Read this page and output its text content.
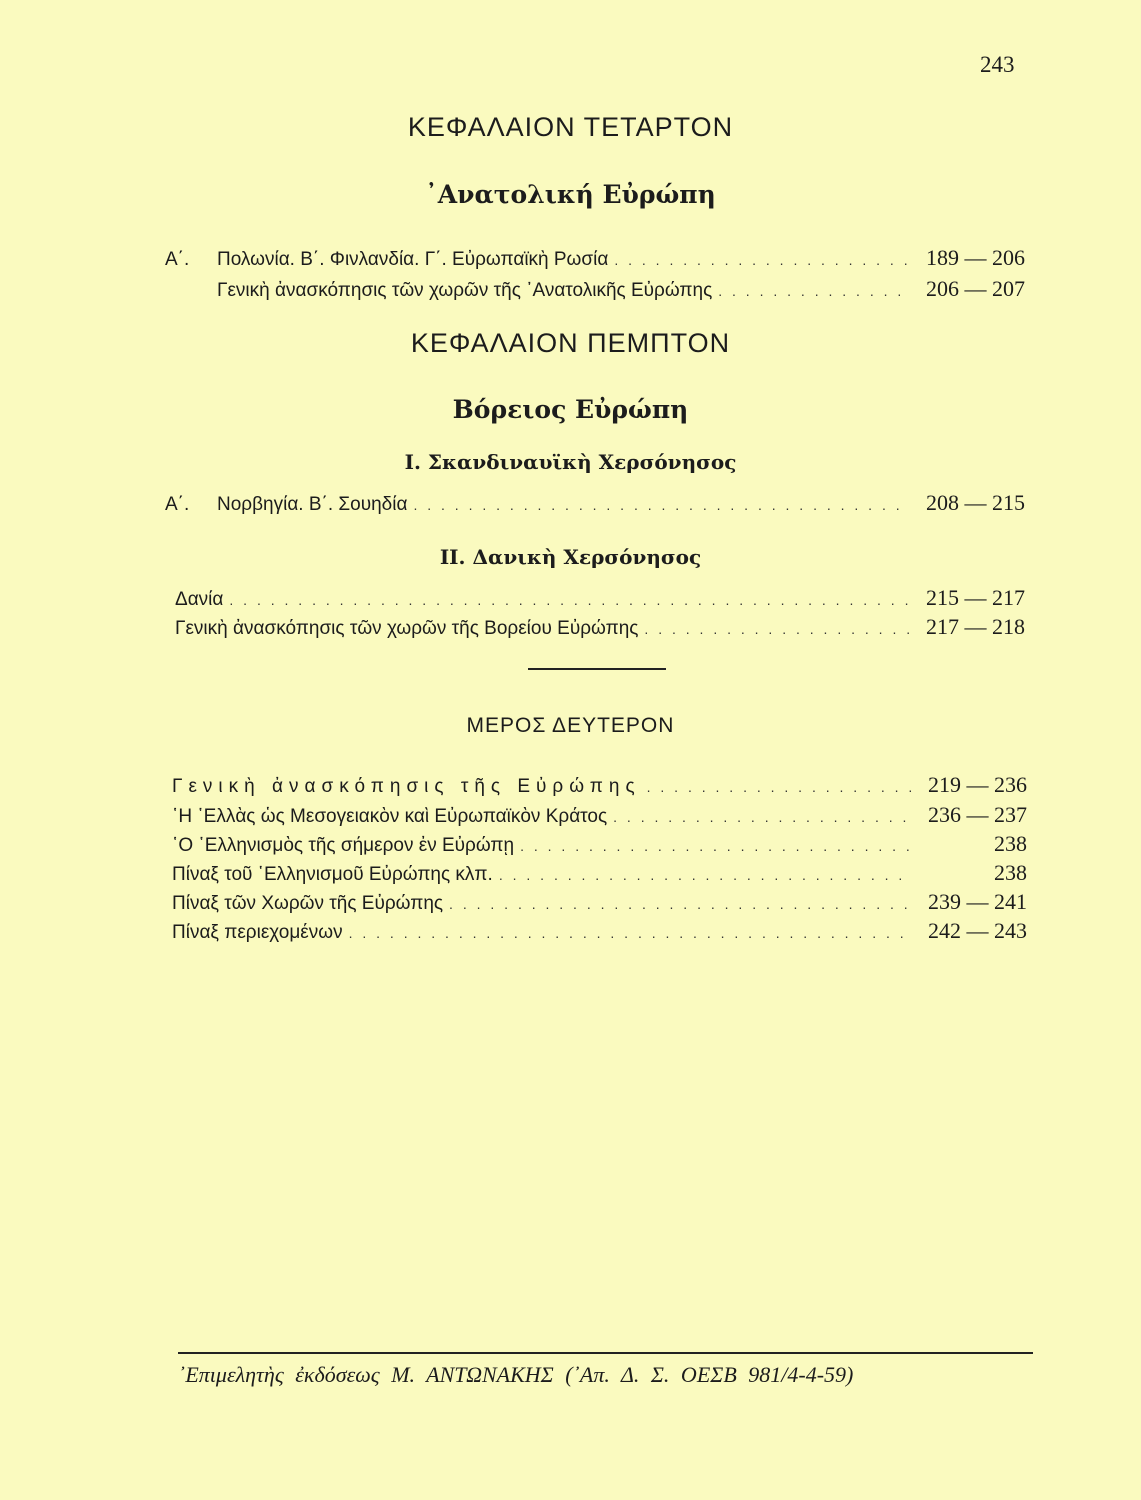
243
ΚΕΦΑΛΑΙΟΝ ΤΕΤΑΡΤΟΝ
᾿Ανατολική Εὐρώπη
Α΄.	Πολωνία. Β΄. Φινλανδία. Γ΄. Εὐρωπαϊκὴ Ρωσία . . .	189 — 206
Γενικὴ ἀνασκόπησις τῶν χωρῶν τῆς ᾿Ανατολικῆς Εὐρώπης . . .	206 — 207
ΚΕΦΑΛΑΙΟΝ ΠΕΜΠΤΟΝ
Βόρειος Εὐρώπη
Ι. Σκανδιναυϊκὴ Χερσόνησος
Α΄.	Νορβηγία. Β΄. Σουηδία . . .	208 — 215
ΙΙ. Δανικὴ Χερσόνησος
Δανία . . .	215 — 217
Γενικὴ ἀνασκόπησις τῶν χωρῶν τῆς Βορείου Εὐρώπης . . .	217 — 218
ΜΕΡΟΣ ΔΕΥΤΕΡΟΝ
Γενικὴ ἀνασκόπησις τῆς Εὐρώπης . . .	219 — 236
῾Η ῾Ελλὰς ὡς Μεσογειακὸν καὶ Εὐρωπαϊκὸν Κράτος . . .	236 — 237
῾Ο ῾Ελληνισμὸς τῆς σήμερον ἐν Εὐρώπῃ . . .	238
Πίναξ τοῦ ῾Ελληνισμοῦ Εὐρώπης κλπ. . . .	238
Πίναξ τῶν Χωρῶν τῆς Εὐρώπης . . .	239 — 241
Πίναξ περιεχομένων . . .	242 — 243
᾿Επιμελητὴς ἐκδόσεως Μ. ΑΝΤΩΝΑΚΗΣ (᾿Απ. Δ. Σ. ΟΕΣΒ 981/4-4-59)
